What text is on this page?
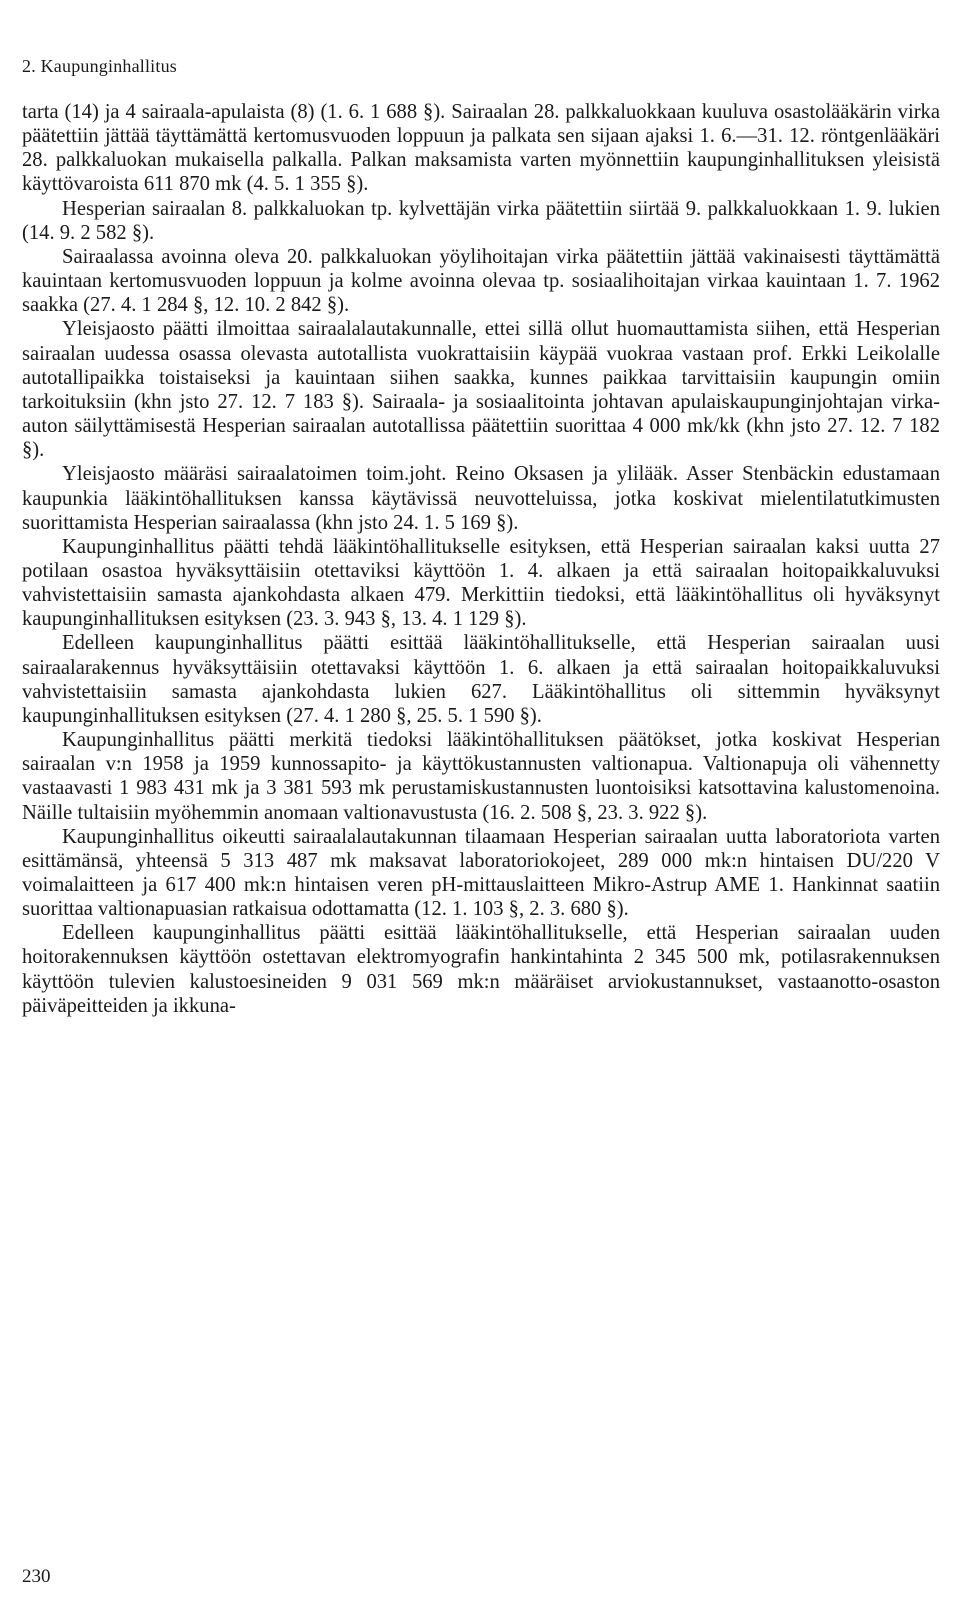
2. Kaupunginhallitus

tarta (14) ja 4 sairaala-apulaista (8) (1. 6. 1 688 §). Sairaalan 28. palkkaluokkaan kuuluva osastolääkärin virka päätettiin jättää täyttämättä kertomusvuoden loppuun ja palkata sen sijaan ajaksi 1. 6.—31. 12. röntgenlääkäri 28. palkkaluokan mukaisella palkalla. Palkan maksamista varten myönnettiin kaupunginhallituksen yleisistä käyttövaroista 611 870 mk (4. 5. 1 355 §).

Hesperian sairaalan 8. palkkaluokan tp. kylvettäjän virka päätettiin siirtää 9. palkkaluokkaan 1. 9. lukien (14. 9. 2 582 §).

Sairaalassa avoinna oleva 20. palkkaluokan yöylihoitajan virka päätettiin jättää vakinaisesti täyttämättä kauintaan kertomusvuoden loppuun ja kolme avoinna olevaa tp. sosiaalihoitajan virkaa kauintaan 1. 7. 1962 saakka (27. 4. 1 284 §, 12. 10. 2 842 §).

Yleisjaosto päätti ilmoittaa sairaalalautakunnalle, ettei sillä ollut huomauttamista siihen, että Hesperian sairaalan uudessa osassa olevasta autotallista vuokrattaisiin käypää vuokraa vastaan prof. Erkki Leikolalle autotallipaikka toistaiseksi ja kauintaan siihen saakka, kunnes paikkaa tarvittaisiin kaupungin omiin tarkoituksiin (khn jsto 27. 12. 7 183 §). Sairaala- ja sosiaalitointa johtavan apulaiskaupunginjohtajan virka-auton säilyttämisestä Hesperian sairaalan autotallissa päätettiin suorittaa 4 000 mk/kk (khn jsto 27. 12. 7 182 §).

Yleisjaosto määräsi sairaalatoimen toim.joht. Reino Oksasen ja ylilääk. Asser Stenbäckin edustamaan kaupunkia lääkintöhallituksen kanssa käytävissä neuvotteluissa, jotka koskivat mielentilatutkimusten suorittamista Hesperian sairaalassa (khn jsto 24. 1. 5 169 §).

Kaupunginhallitus päätti tehdä lääkintöhallitukselle esityksen, että Hesperian sairaalan kaksi uutta 27 potilaan osastoa hyväksyttäisiin otettaviksi käyttöön 1. 4. alkaen ja että sairaalan hoitopaikkaluvuksi vahvistettaisiin samasta ajankohdasta alkaen 479. Merkittiin tiedoksi, että lääkintöhallitus oli hyväksynyt kaupunginhallituksen esityksen (23. 3. 943 §, 13. 4. 1 129 §).

Edelleen kaupunginhallitus päätti esittää lääkintöhallitukselle, että Hesperian sairaalan uusi sairaalarakennus hyväksyttäisiin otettavaksi käyttöön 1. 6. alkaen ja että sairaalan hoitopaikkaluvuksi vahvistettaisiin samasta ajankohdasta lukien 627. Lääkintöhallitus oli sittemmin hyväksynyt kaupunginhallituksen esityksen (27. 4. 1 280 §, 25. 5. 1 590 §).

Kaupunginhallitus päätti merkitä tiedoksi lääkintöhallituksen päätökset, jotka koskivat Hesperian sairaalan v:n 1958 ja 1959 kunnossapito- ja käyttökustannusten valtionapua. Valtionapuja oli vähennetty vastaavasti 1 983 431 mk ja 3 381 593 mk perustamiskustannusten luontoisiksi katsottavina kalustomenoina. Näille tultaisiin myöhemmin anomaan valtionavustusta (16. 2. 508 §, 23. 3. 922 §).

Kaupunginhallitus oikeutti sairaalalautakunnan tilaamaan Hesperian sairaalan uutta laboratoriota varten esittämänsä, yhteensä 5 313 487 mk maksavat laboratoriokojeet, 289 000 mk:n hintaisen DU/220 V voimalaitteen ja 617 400 mk:n hintaisen veren pH-mittauslaitteen Mikro-Astrup AME 1. Hankinnat saatiin suorittaa valtionapuasian ratkaisua odottamatta (12. 1. 103 §, 2. 3. 680 §).

Edelleen kaupunginhallitus päätti esittää lääkintöhallitukselle, että Hesperian sairaalan uuden hoitorakennuksen käyttöön ostettavan elektromyografin hankintahinta 2 345 500 mk, potilasrakennuksen käyttöön tulevien kalustoesineiden 9 031 569 mk:n määräiset arviokustannukset, vastaanotto-osaston päiväpeitteiden ja ikkuna-

230
